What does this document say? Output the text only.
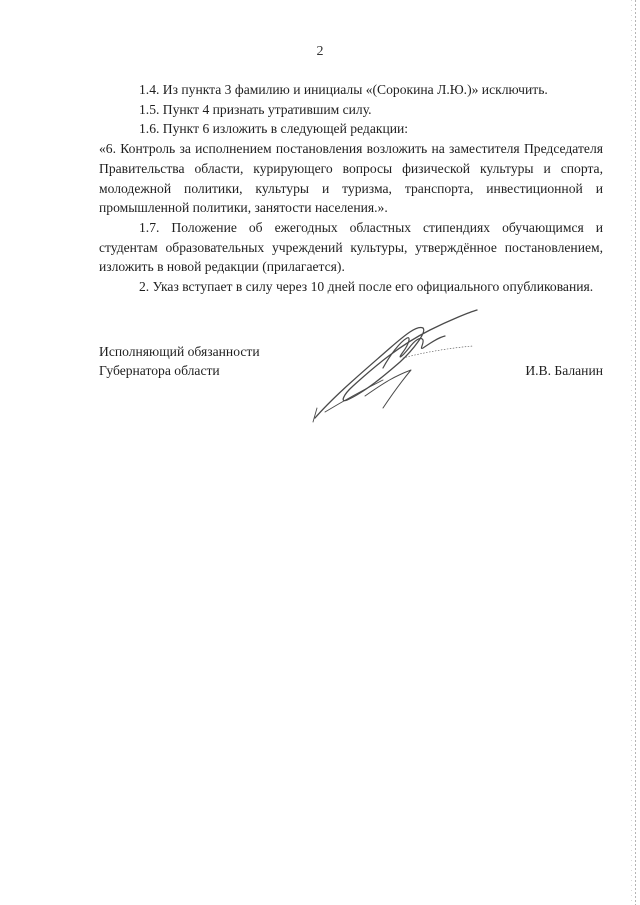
2

1.4. Из пункта 3 фамилию и инициалы «(Сорокина Л.Ю.)» исключить.

1.5. Пункт 4 признать утратившим силу.

1.6. Пункт 6 изложить в следующей редакции:

«6. Контроль за исполнением постановления возложить на заместителя Председателя Правительства области, курирующего вопросы физической культуры и спорта, молодежной политики, культуры и туризма, транспорта, инвестиционной и промышленной политики, занятости населения.».

1.7. Положение об ежегодных областных стипендиях обучающимся и студентам образовательных учреждений культуры, утверждённое постановлением, изложить в новой редакции (прилагается).

2. Указ вступает в силу через 10 дней после его официального опубликования.

Исполняющий обязанности
Губернатора области	И.В. Баланин
